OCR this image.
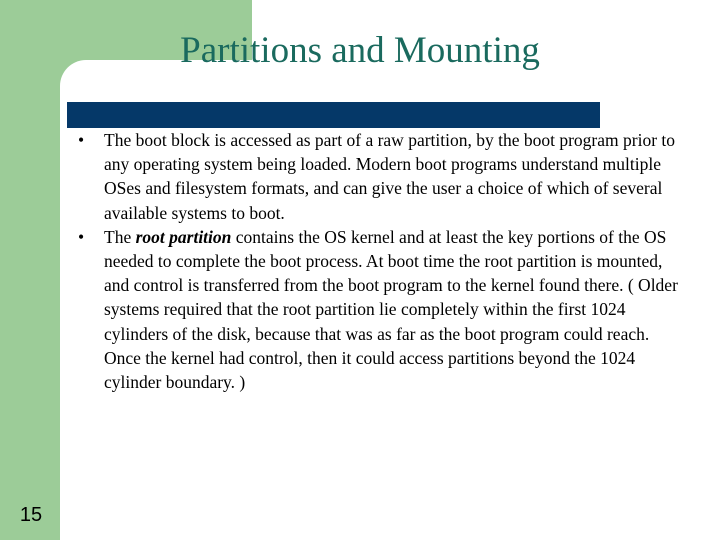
Partitions and Mounting
•	The boot block is accessed as part of a raw partition, by the boot program prior to any operating system being loaded. Modern boot programs understand multiple OSes and filesystem formats, and can give the user a choice of which of several available systems to boot.
•	The root partition contains the OS kernel and at least the key portions of the OS needed to complete the boot process. At boot time the root partition is mounted, and control is transferred from the boot program to the kernel found there. ( Older systems required that the root partition lie completely within the first 1024 cylinders of the disk, because that was as far as the boot program could reach. Once the kernel had control, then it could access partitions beyond the 1024 cylinder boundary. )
15
